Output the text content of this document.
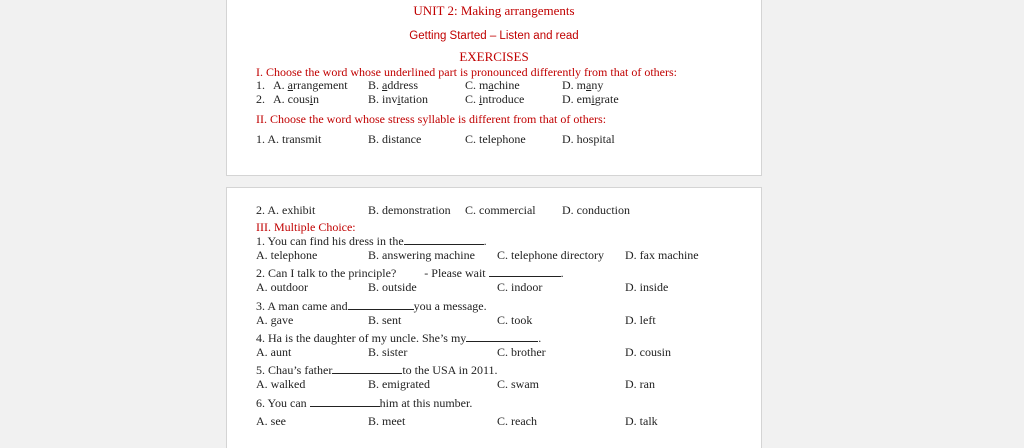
UNIT 2: Making arrangements
Getting Started – Listen and read
EXERCISES
I. Choose the word whose underlined part is pronounced differently from that of others:
1. A. arrangement B. address	C. machine	D. many
2. A. cousin	B. invitation	C. introduce	D. emigrate
II. Choose the word whose stress syllable is different from that of others:
1. A. transmit	B. distance	C. telephone	D. hospital
2. A. exhibit	B. demonstration C. commercial D. conduction
III. Multiple Choice:
1. You can find his dress in the	.
A. telephone	B. answering machine C. telephone directory D. fax machine
2. Can I talk to the principle? - Please wait	.
A. outdoor	B. outside	C. indoor	D. inside
3. A man came and	you a message.
A. gave	B. sent	C. took	D. left
4. Ha is the daughter of my uncle. She’s my	.
A. aunt	B. sister	C. brother	D. cousin
5. Chau’s father	to the USA in 2011.
A. walked	B. emigrated	C. swam	D. ran
6. You can	him at this number.
A. see	B. meet	C. reach	D. talk
